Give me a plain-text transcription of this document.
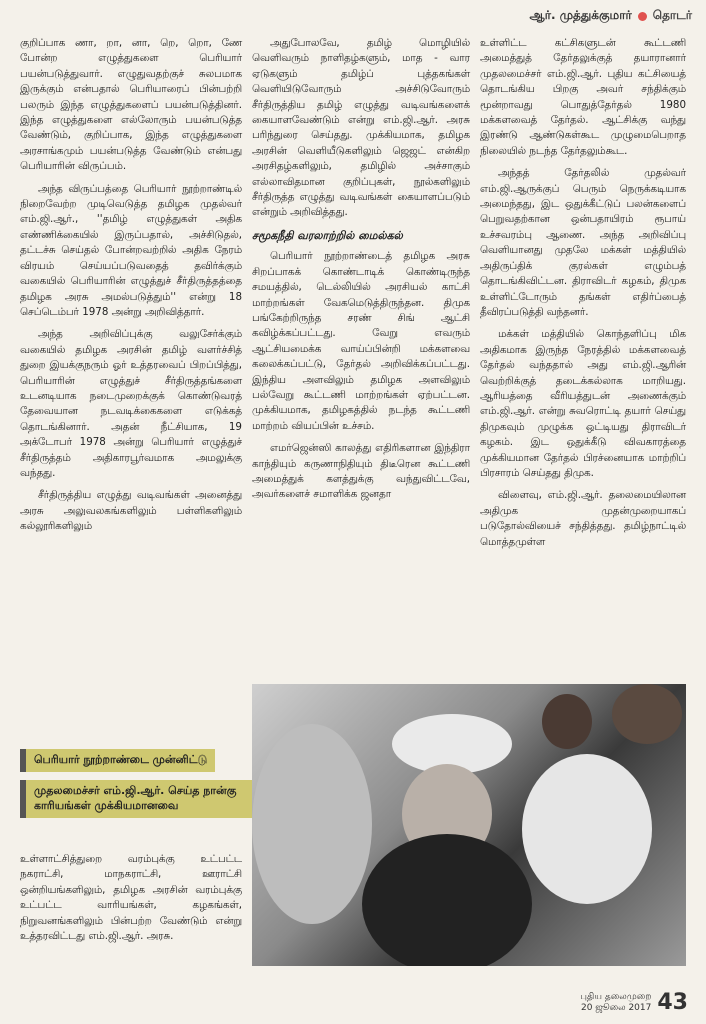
ஆர். முத்துக்குமார் தொடர்

குறிப்பாக ணா, றா, னா, றெ, றொ, ணே போன்ற எழுத்துகளை பெரியார் பயன்படுத்துவார். எழுதுவதற்குச் சுலபமாக இருக்கும் என்பதால் பெரியாரைப் பின்பற்றி பலரும் இந்த எழுத்துகளைப் பயன்படுத்தினர். இந்த எழுத்துகளை எல்லோரும் பயன்படுத்த வேண்டும், குறிப்பாக, இந்த எழுத்துகளை அரசாங்கமும் பயன்படுத்த வேண்டும் என்பது பெரியாரின் விருப்பம்.

அந்த விருப்பத்தை பெரியார் நூற்றாண்டில் நிறைவேற்ற முடிவெடுத்த தமிழக முதல்வர் எம்.ஜி.ஆர்., ''தமிழ் எழுத்துகள் அதிக எண்ணிக்கையில் இருப்பதால், அச்சிடுதல், தட்டச்சு செய்தல் போன்றவற்றில் அதிக நேரம் விரயம் செய்யப்படுவதைத் தவிர்க்கும் வகையில் பெரியாரின் எழுத்துச் சீர்திருத்தத்தை தமிழக அரசு அமல்படுத்தும்'' என்று 18 செப்டெம்பர் 1978 அன்று அறிவித்தார்.

அந்த அறிவிப்புக்கு வலுசேர்க்கும் வகையில் தமிழக அரசின் தமிழ் வளர்ச்சித் துறை இயக்குநரும் ஓர் உத்தரவைப் பிறப்பித்து, பெரியாரின் எழுத்துச் சீர்திருத்தங்களை உடனடியாக நடைமுறைக்குக் கொண்டுவரத் தேவையான நடவடிக்கைகளை எடுக்கத் தொடங்கினார். அதன் நீட்சியாக, 19 அக்டோபர் 1978 அன்று பெரியார் எழுத்துச் சீர்திருத்தம் அதிகாரபூர்வமாக அமலுக்கு வந்தது.

சீர்திருத்திய எழுத்து வடிவங்கள் அனைத்து அரசு அலுவலகங்களிலும் பள்ளிகளிலும் கல்லூரிகளிலும்

பெரியார் நூற்றாண்டை முன்னிட்டு முதலமைச்சர் எம்.ஜி.ஆர். செய்த நான்கு காரியங்கள் முக்கியமானவை

உள்ளாட்சித்துறை வரம்புக்கு உட்பட்ட நகராட்சி, மாநகராட்சி, ஊராட்சி ஒன்றியங்களிலும், தமிழக அரசின் வரம்புக்கு உட்பட்ட வாரியங்கள், கழகங்கள், நிறுவனங்களிலும் பின்பற்ற வேண்டும் என்று உத்தரவிட்டது எம்.ஜி.ஆர். அரசு.

அதுபோலவே, தமிழ் மொழியில் வெளிவரும் நாளிதழ்களும், மாத - வார ஏடுகளும் தமிழ்ப் புத்தகங்கள் வெளியிடுவோரும் அச்சிடுவோரும் சீர்திருத்திய தமிழ் எழுத்து வடிவங்களைக் கையாளவேண்டும் என்று எம்.ஜி.ஆர். அரசு பரிந்துரை செய்தது. முக்கியமாக, தமிழக அரசின் வெளியீடுகளிலும் ஜெஜட் என்கிற அரசிதழ்களிலும், தமிழில் அச்சாகும் எல்லாவிதமான குறிப்புகள், நூல்களிலும் சீர்திருத்த எழுத்து வடிவங்கள் கையாளப்படும் என்றும் அறிவித்தது.

சமூகநீதி வரலாற்றில் மைல்கல்

பெரியார் நூற்றாண்டைத் தமிழக அரசு சிறப்பாகக் கொண்டாடிக் கொண்டிருந்த சமயத்தில், டெல்லியில் அரசியல் காட்சி மாற்றங்கள் வேகமெடுத்திருந்தன. திமுக பங்கேற்றிருந்த சரண் சிங் ஆட்சி கவிழ்க்கப்பட்டது. வேறு எவரும் ஆட்சியமைக்க வாய்ப்பின்றி மக்களவை கலைக்கப்பட்டு, தேர்தல் அறிவிக்கப்பட்டது. இந்திய அளவிலும் தமிழக அளவிலும் பல்வேறு கூட்டணி மாற்றங்கள் ஏற்பட்டன. முக்கியமாக, தமிழகத்தில் நடந்த கூட்டணி மாற்றம் வியப்பின் உச்சம்.

எமர்ஜென்ஸி காலத்து எதிரிகளான இந்திரா காந்தியும் கருணாநிதியும் திடீரென கூட்டணி அமைத்துக் களத்துக்கு வந்துவிட்டவே, அவர்களைச் சமாளிக்க ஜனதா

உள்ளிட்ட கட்சிகளுடன் கூட்டணி அமைத்துத் தேர்தலுக்குத் தயாரானார் முதலமைச்சர் எம்.ஜி.ஆர். புதிய கட்சியைத் தொடங்கிய பிறகு அவர் சந்திக்கும் மூன்றாவது பொதுத்தேர்தல் 1980 மக்களவைத் தேர்தல். ஆட்சிக்கு வந்து இரண்டு ஆண்டுகள்கூட முழுமைபெறாத நிலையில் நடந்த தேர்தலும்கூட.

அந்தத் தேர்தலில் முதல்வர் எம்.ஜி.ஆருக்குப் பெரும் நெருக்கடியாக அமைந்தது, இட ஒதுக்கீட்டுப் பலன்களைப் பெறுவதற்கான ஒன்பதாயிரம் ரூபாய் உச்சவரம்பு ஆணை. அந்த அறிவிப்பு வெளியானது முதலே மக்கள் மத்தியில் அதிருப்திக் குரல்கள் எழும்பத் தொடங்கிவிட்டன. திராவிடர் கழகம், திமுக உள்ளிட்டோரும் தங்கள் எதிர்ப்பைத் தீவிரப்படுத்தி வந்தனர்.

மக்கள் மத்தியில் கொந்தளிப்பு மிக அதிகமாக இருந்த நேரத்தில் மக்களவைத் தேர்தல் வந்ததால் அது எம்.ஜி.ஆரின் வெற்றிக்குத் தடைக்கல்லாக மாறியது. ஆரியத்தை வீரியத்துடன் அணைக்கும் எம்.ஜி.ஆர். என்று சுவரொட்டி தயார் செய்து திமுகவும் முழுக்க ஒட்டியது திராவிடர் கழகம். இட ஒதுக்கீடு விவகாரத்தை முக்கியமான தேர்தல் பிரச்னையாக மாற்றிப் பிரசாரம் செய்தது திமுக.

விளைவு, எம்.ஜி.ஆர். தலைமையிலான அதிமுக முதன்முறையாகப் படுதோல்வியைச் சந்தித்தது. தமிழ்நாட்டில் மொத்தமுள்ள

புதிய தலைமுறை
20 ஜூலை 2017 43
